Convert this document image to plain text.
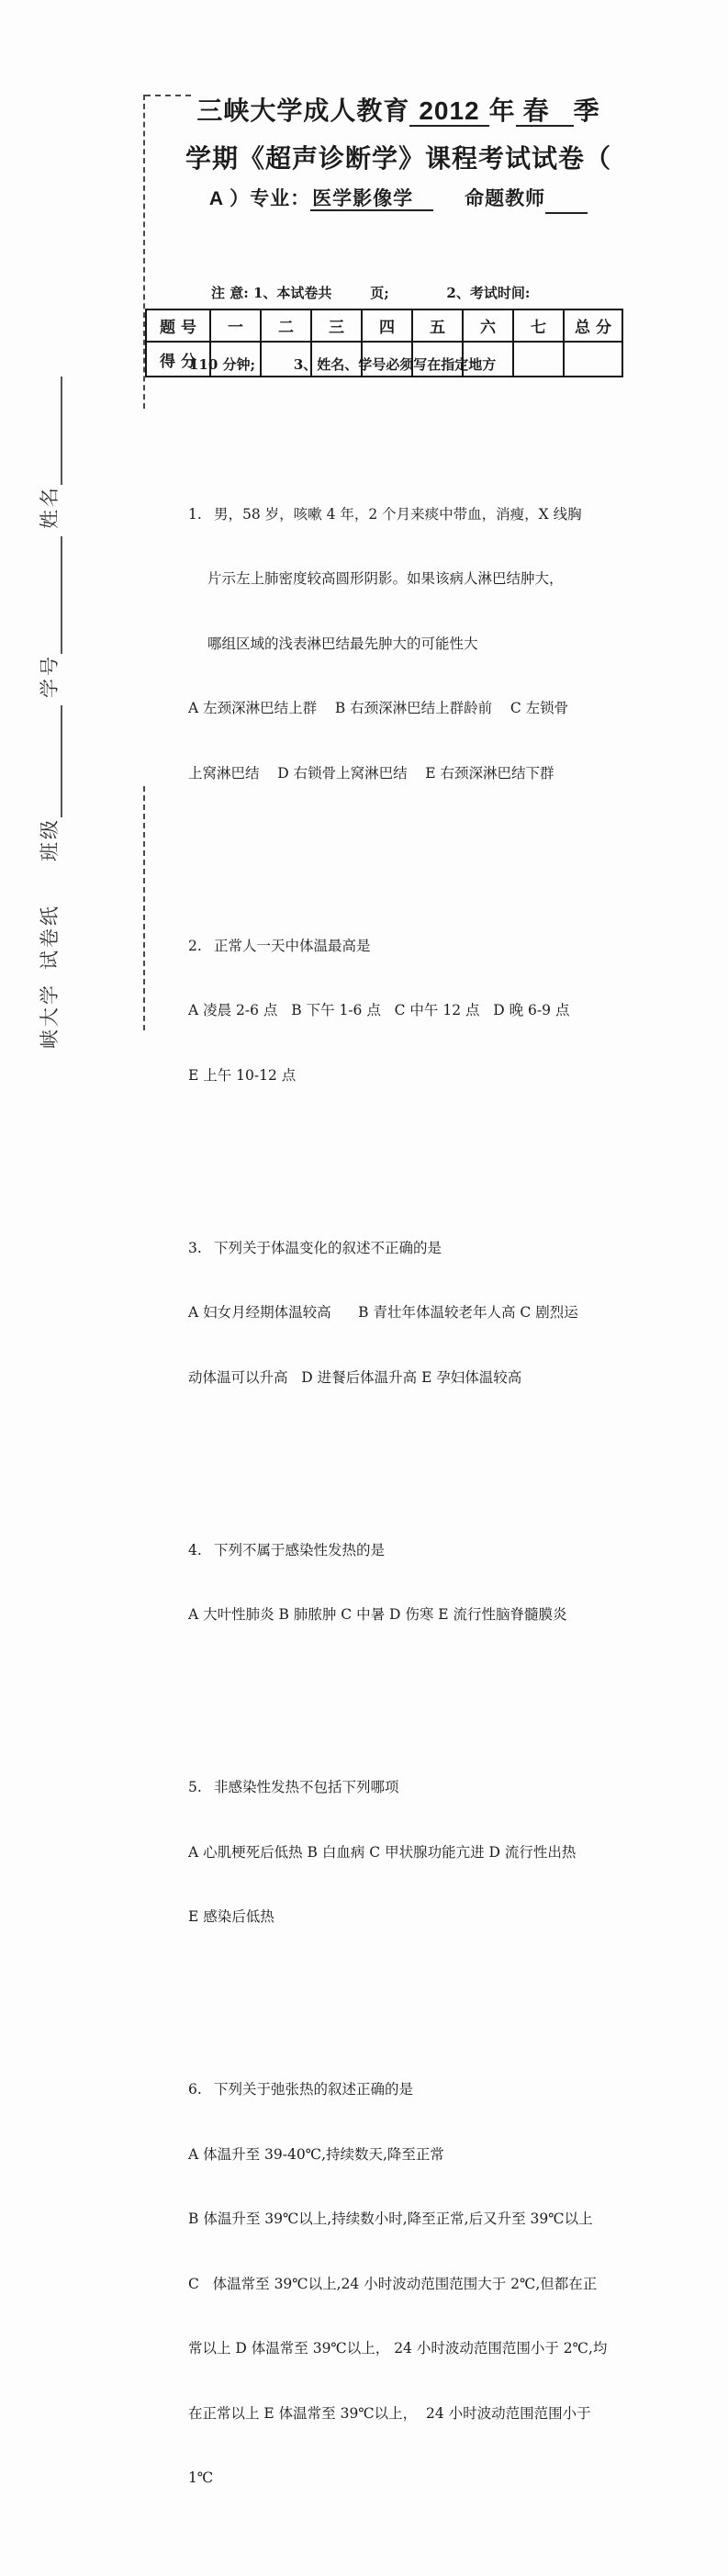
三峡大学成人教育 2012 年 春 季
学期《超声诊断学》课程考试试卷（
A ）专业：医学影像学	命题教师

注 意: 1、本试卷共        页;            2、考试时间:

110 分钟;        3、姓名、学号必须写在指定地方

题 号	一	二	三	四	五	六	七	总 分
得 分								

1. 男，58 岁，咳嗽 4 年，2 个月来痰中带血，消瘦，X 线胸

片示左上肺密度较高圆形阴影。如果该病人淋巴结肿大，

哪组区域的浅表淋巴结最先肿大的可能性大

A 左颈深淋巴结上群    B 右颈深淋巴结上群龄前    C 左锁骨

上窝淋巴结    D 右锁骨上窝淋巴结    E 右颈深淋巴结下群

2. 正常人一天中体温最高是

A 凌晨 2-6 点   B 下午 1-6 点   C 中午 12 点   D 晚 6-9 点

E 上午 10-12 点

3. 下列关于体温变化的叙述不正确的是

A 妇女月经期体温较高      B 青壮年体温较老年人高 C 剧烈运

动体温可以升高   D 进餐后体温升高 E 孕妇体温较高

4. 下列不属于感染性发热的是

A 大叶性肺炎 B 肺脓肿 C 中暑 D 伤寒 E 流行性脑脊髓膜炎

5. 非感染性发热不包括下列哪项

A 心肌梗死后低热 B 白血病 C 甲状腺功能亢进 D 流行性出热

E 感染后低热

6. 下列关于弛张热的叙述正确的是

A 体温升至 39-40℃,持续数天,降至正常

B 体温升至 39℃以上,持续数小时,降至正常,后又升至 39℃以上

C   体温常至 39℃以上,24 小时波动范围范围大于 2℃,但都在正

常以上 D 体温常至 39℃以上， 24 小时波动范围范围小于 2℃,均

在正常以上 E 体温常至 39℃以上，  24 小时波动范围范围小于

1℃

峡大学试卷纸班级学号姓名
